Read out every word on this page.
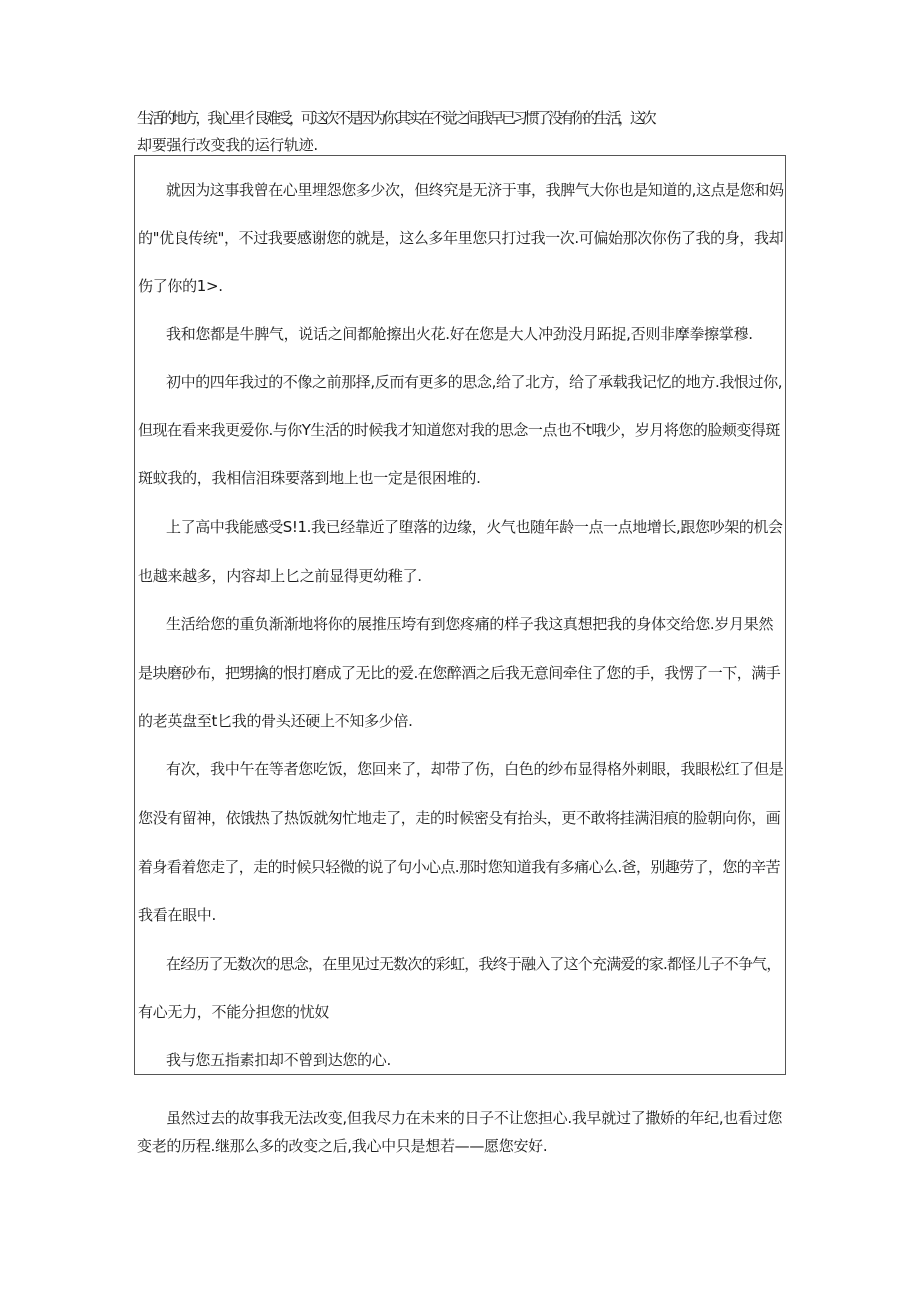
生活的地方，我心里彳艮难受，可这次不是因为你.其实在不觉之间我早已习惯了没有你的生活，这次
却要强行改变我的运行轨迹.
就因为这事我曾在心里埋怨您多少次，但终究是无济于事，我脾气大你也是知道的,这点是您和妈
的"优良传统"，不过我要感谢您的就是，这么多年里您只打过我一次.可偏始那次你伤了我的身，我却
伤了你的1>.
我和您都是牛脾气，说话之间都舱擦出火花.好在您是大人冲劲没月跖捉,否则非摩拳擦掌穆.
初中的四年我过的不像之前那择,反而有更多的思念,给了北方，给了承载我记忆的地方.我恨过你,
但现在看来我更爱你.与你Y生活的时候我才知道您对我的思念一点也不t哦少，岁月将您的脸颊变得斑
斑蚊我的，我相信泪珠要落到地上也一定是很困堆的.
上了高中我能感受S!1.我已经靠近了堕落的边缘，火气也随年龄一点一点地增长,跟您吵架的机会
也越来越多，内容却上匕之前显得更幼稚了.
生活给您的重负渐渐地将你的展推压垮有到您疼痛的样子我这真想把我的身体交给您.岁月果然
是块磨砂布，把甥擒的恨打磨成了无比的爱.在您醉酒之后我无意间牵住了您的手，我愣了一下，满手
的老英盘至t匕我的骨头还硬上不知多少倍.
有次，我中午在等者您吃饭，您回来了，却带了伤，白色的纱布显得格外刺眼，我眼松红了但是
您没有留神，依饿热了热饭就匆忙地走了，走的时候密殳有抬头，更不敢将挂满泪痕的脸朝向你，画
着身看着您走了，走的时候只轻微的说了句小心点.那时您知道我有多痛心么.爸，别趣劳了，您的辛苦
我看在眼中.
在经历了无数次的思念，在里见过无数次的彩虹，我终于融入了这个充满爱的家.都怪儿子不争气，
有心无力，不能分担您的忧奴
我与您五指素扣却不曾到达您的心.
虽然过去的故事我无法改变,但我尽力在未来的日子不让您担心.我早就过了撒娇的年纪,也看过您
变老的历程.继那么多的改变之后,我心中只是想若——愿您安好.
